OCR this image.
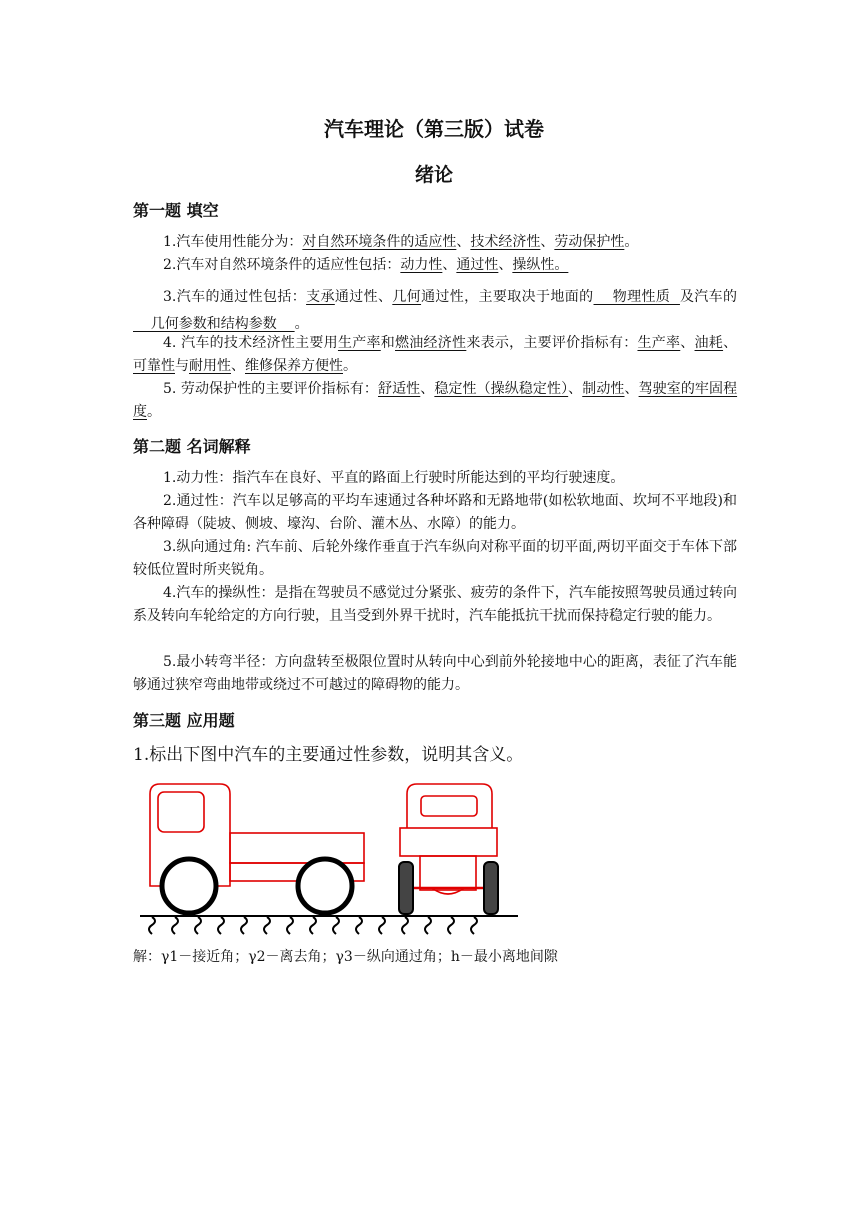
汽车理论（第三版）试卷
绪论
第一题 填空
1.汽车使用性能分为：对自然环境条件的适应性、技术经济性、劳动保护性。
2.汽车对自然环境条件的适应性包括：动力性、通过性、操纵性。
3.汽车的通过性包括：支承通过性、几何通过性，主要取决于地面的    物理性质  及汽车的    几何参数和结构参数    。
4. 汽车的技术经济性主要用生产率和燃油经济性来表示，主要评价指标有：生产率、油耗、可靠性与耐用性、维修保养方便性。
5. 劳动保护性的主要评价指标有：舒适性、稳定性（操纵稳定性）、制动性、驾驶室的牢固程度。
第二题 名词解释
1.动力性：指汽车在良好、平直的路面上行驶时所能达到的平均行驶速度。
2.通过性：汽车以足够高的平均车速通过各种坏路和无路地带(如松软地面、坎坷不平地段)和各种障碍（陡坡、侧坡、壕沟、台阶、灌木丛、水障）的能力。
3.纵向通过角: 汽车前、后轮外缘作垂直于汽车纵向对称平面的切平面,两切平面交于车体下部较低位置时所夹锐角。
4.汽车的操纵性：是指在驾驶员不感觉过分紧张、疲劳的条件下，汽车能按照驾驶员通过转向系及转向车轮给定的方向行驶，且当受到外界干扰时，汽车能抵抗干扰而保持稳定行驶的能力。
5.最小转弯半径：方向盘转至极限位置时从转向中心到前外轮接地中心的距离，表征了汽车能够通过狭窄弯曲地带或绕过不可越过的障碍物的能力。
第三题 应用题
1.标出下图中汽车的主要通过性参数，说明其含义。
解：γ1－接近角；γ2－离去角；γ3－纵向通过角；h－最小离地间隙
